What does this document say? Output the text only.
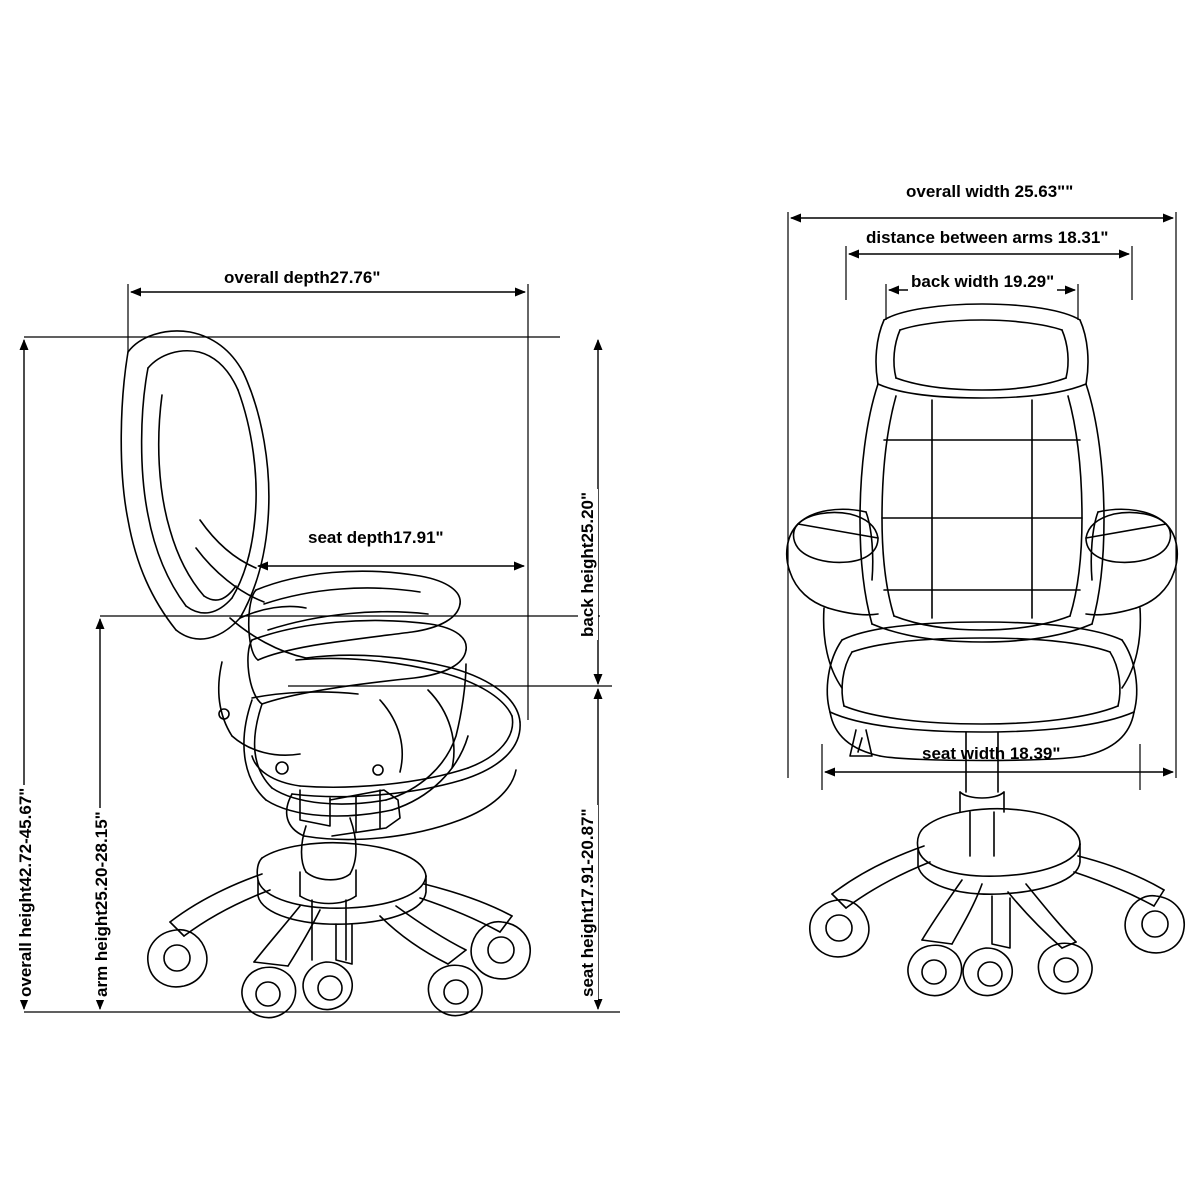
overall depth27.76"
seat depth17.91"
overall height42.72-45.67"	arm height25.20-28.15"
back height25.20"
seat height17.91-20.87"
overall width 25.63""
distance between arms 18.31"
back width 19.29"
seat width 18.39"
